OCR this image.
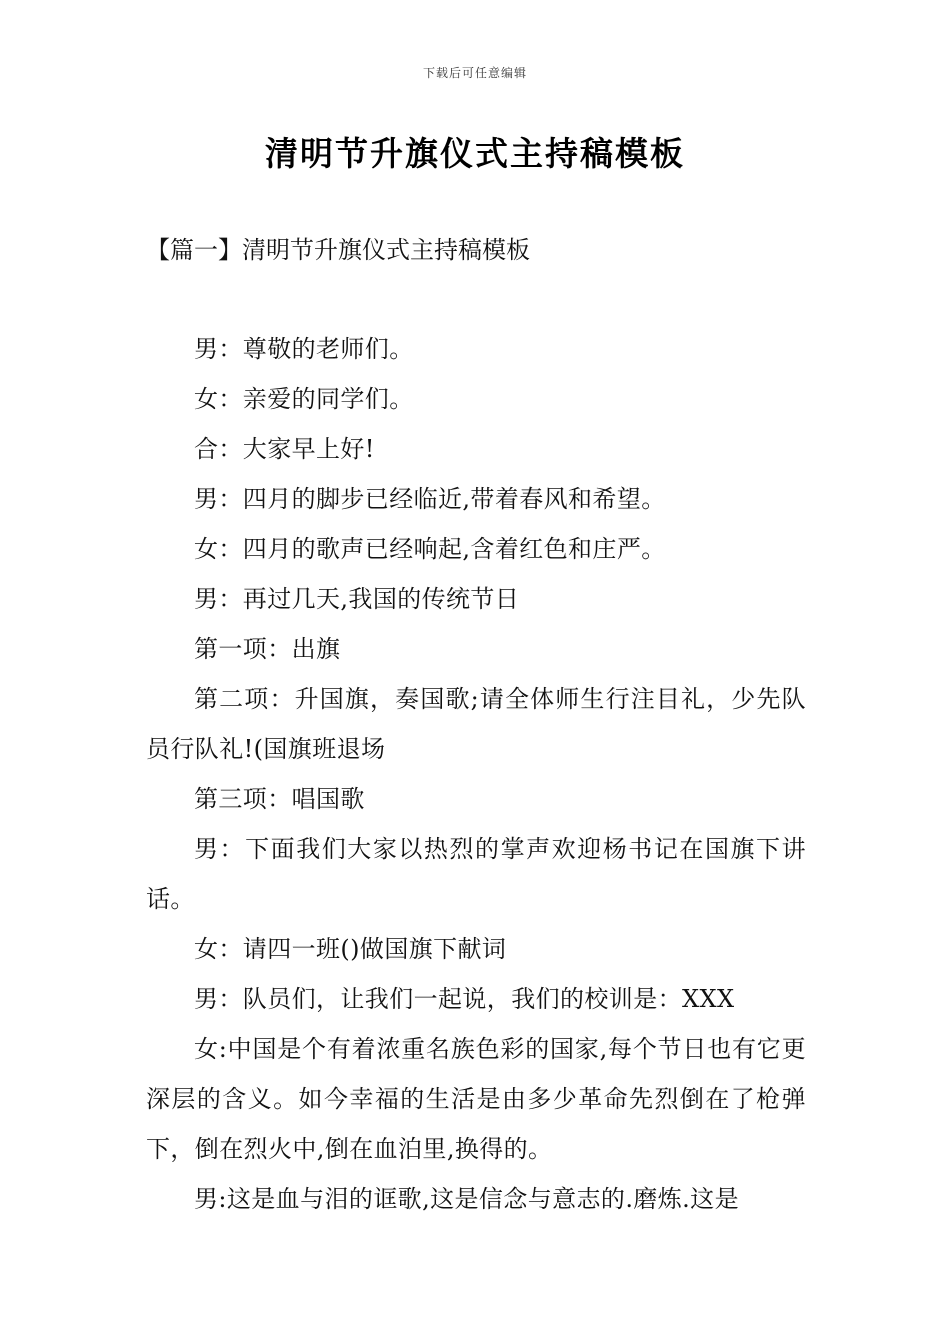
下载后可任意编辑
清明节升旗仪式主持稿模板
【篇一】清明节升旗仪式主持稿模板

男：尊敬的老师们。

女：亲爱的同学们。

合：大家早上好!

男：四月的脚步已经临近,带着春风和希望。

女：四月的歌声已经响起,含着红色和庄严。

男：再过几天,我国的传统节日

第一项：出旗

第二项：升国旗，奏国歌;请全体师生行注目礼，少先队员行队礼!(国旗班退场

第三项：唱国歌

男：下面我们大家以热烈的掌声欢迎杨书记在国旗下讲话。

女：请四一班()做国旗下献词

男：队员们，让我们一起说，我们的校训是：XXX

女:中国是个有着浓重名族色彩的国家,每个节日也有它更深层的含义。如今幸福的生活是由多少革命先烈倒在了枪弹下，倒在烈火中,倒在血泊里,换得的。

男:这是血与泪的诓歌,这是信念与意志的.磨炼.这是
